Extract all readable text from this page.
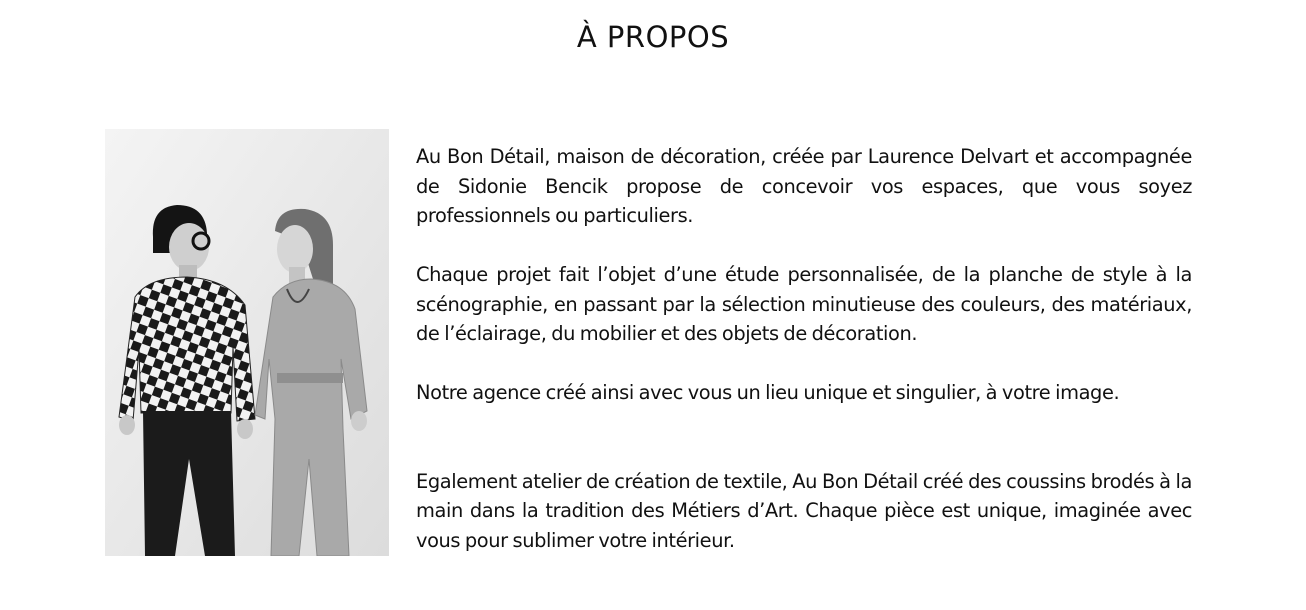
À PROPOS

Au Bon Détail, maison de décoration, créée par Laurence Delvart et accompagnée de Sidonie Bencik propose de concevoir vos espaces, que vous soyez professionnels ou particuliers.

Chaque projet fait l’objet d’une étude personnalisée, de la planche de style à la scénographie, en passant par la sélection minutieuse des couleurs, des matériaux, de l’éclairage, du mobilier et des objets de décoration.

Notre agence créé ainsi avec vous un lieu unique et singulier, à votre image.

Egalement atelier de création de textile, Au Bon Détail créé des coussins brodés à la main dans la tradition des Métiers d’Art. Chaque pièce est unique, imaginée avec vous pour sublimer votre intérieur.
